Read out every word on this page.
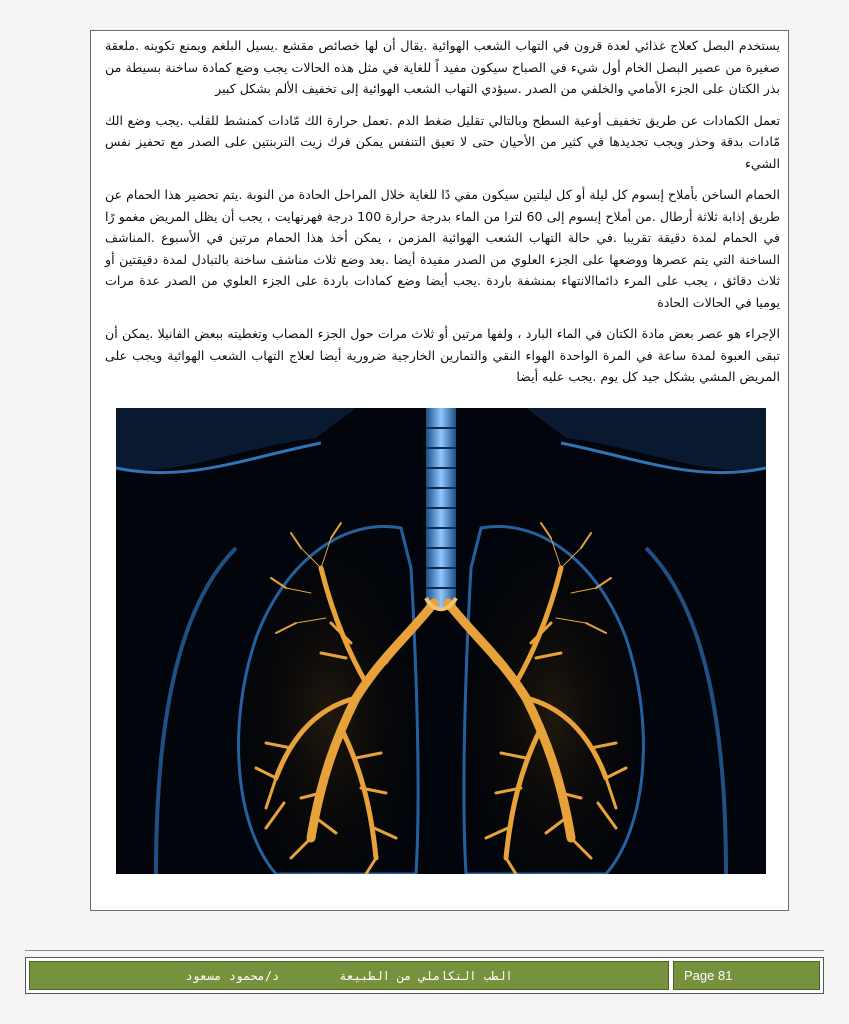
يستخدم البصل كعلاج غذائي لعدة قرون في التهاب الشعب الهوائية .يقال أن لها خصائص مقشع .يسيل البلغم ويمنع تكوينه .ملعقة صغيرة من عصير البصل الخام أول شيء في الصباح سيكون مفيد اً للغاية في مثل هذه الحالات يجب وضع كمادة ساخنة بسيطة من بذر الكتان على الجزء الأمامي والخلفي من الصدر .سيؤدي التهاب الشعب الهوائية إلى تخفيف الألم بشكل كبير

تعمل الكمادات عن طريق تخفيف أوعية السطح وبالتالي تقليل ضغط الدم .تعمل حرارة الك مّادات كمنشط للقلب .يجب وضع الك مّادات بدقة وحذر ويجب تجديدها في كثير من الأحيان حتى لا تعيق التنفس يمكن فرك زيت التربنتين على الصدر مع تحفيز نفس الشيء

الحمام الساخن بأملاح إبسوم كل ليلة أو كل ليلتين سيكون مفي دًا للغاية خلال المراحل الحادة من النوبة .يتم تحضير هذا الحمام عن طريق إذابة ثلاثة أرطال .من أملاح إبسوم إلى 60 لترا من الماء بدرجة حرارة 100 درجة فهرنهايت ، يجب أن يظل المريض مغمو رًا في الحمام لمدة دقيقة تقريبا .في حالة التهاب الشعب الهوائية المزمن ، يمكن أخذ هذا الحمام مرتين في الأسبوع .المناشف الساخنة التي يتم عصرها ووضعها على الجزء العلوي من الصدر مفيدة أيضا .بعد وضع ثلاث مناشف ساخنة بالتبادل لمدة دقيقتين أو ثلاث دقائق ، يجب على المرء دائماالانتهاء بمنشفة باردة .يجب أيضا وضع كمادات باردة على الجزء العلوي من الصدر عدة مرات يوميا في الحالات الحادة

الإجراء هو عصر بعض مادة الكتان في الماء البارد ، ولفها مرتين أو ثلاث مرات حول الجزء المصاب وتغطيته ببعض الفانيلا .يمكن أن تبقى العبوة لمدة ساعة في المرة الواحدة الهواء النقي والتمارين الخارجية ضرورية أيضا لعلاج التهاب الشعب الهوائية ويجب على المريض المشي بشكل جيد كل يوم .يجب عليه أيضا

الطب التكاملي من الطبيعة
د/محمود مسعود	Page 81
